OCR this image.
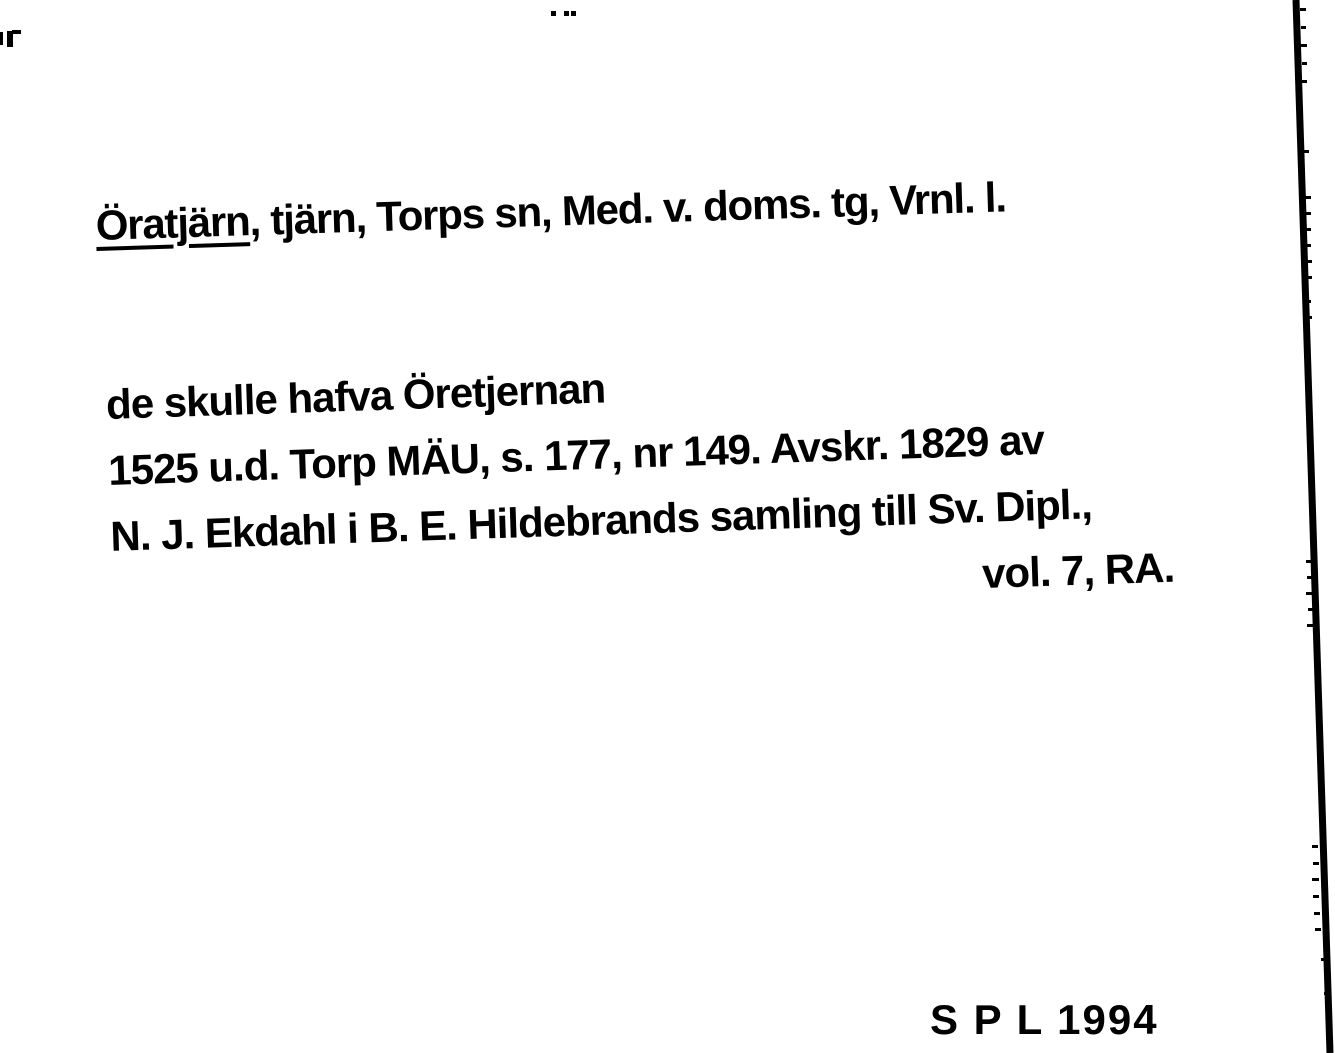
Öratjärn, tjärn, Torps sn, Med. v. doms. tg, Vrnl. l.
de skulle hafva Öretjernan
1525 u.d. Torp MÄU, s. 177, nr 149. Avskr. 1829 av
N. J. Ekdahl i B. E. Hildebrands samling till Sv. Dipl.,
vol. 7, RA.
S P L 1994
